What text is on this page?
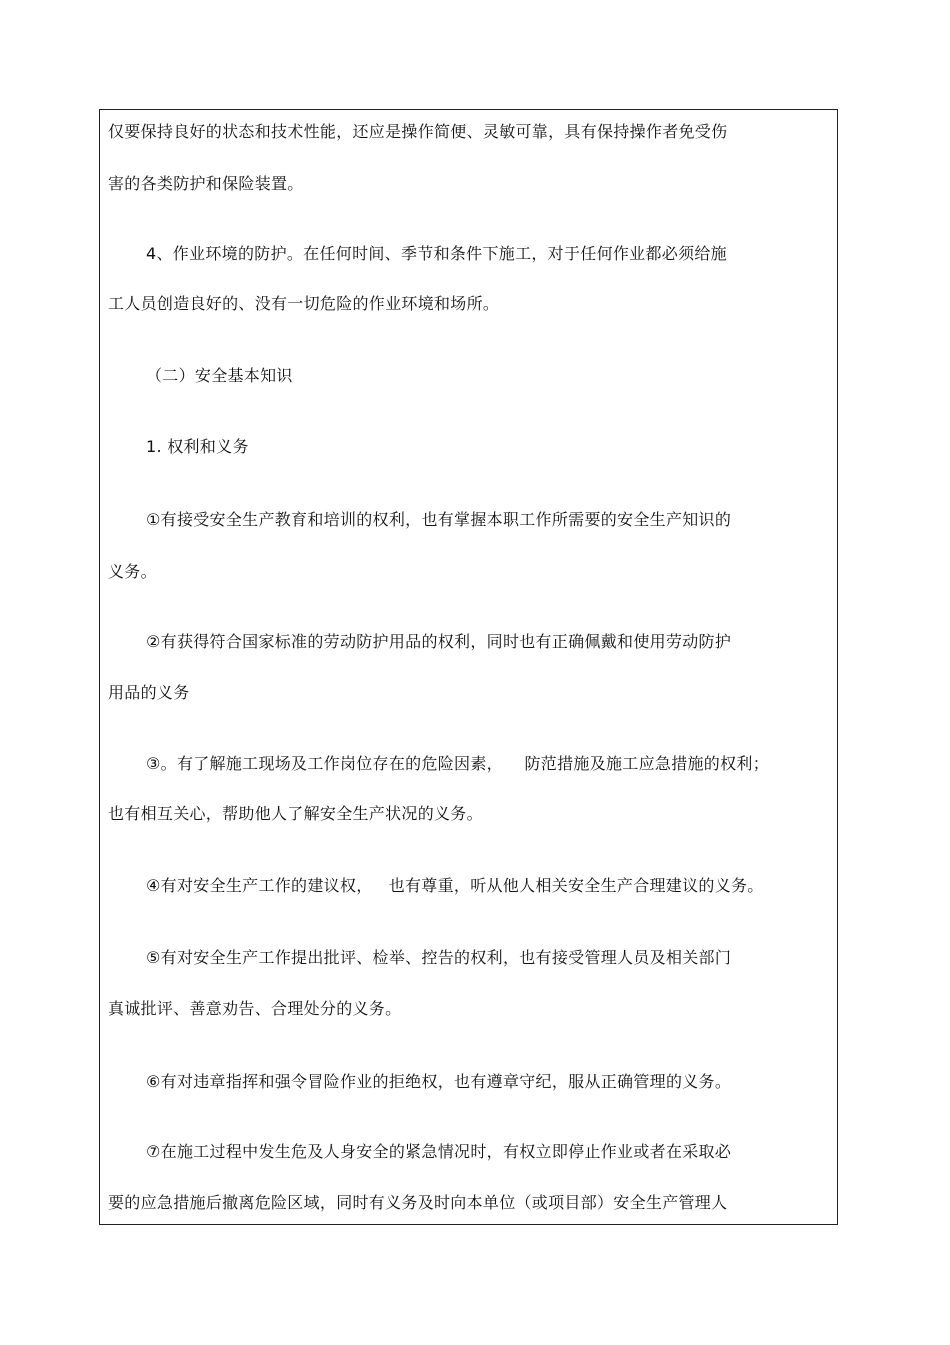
仅要保持良好的状态和技术性能，还应是操作简便、灵敏可靠，具有保持操作者免受伤
害的各类防护和保险装置。
4、作业环境的防护。在任何时间、季节和条件下施工，对于任何作业都必须给施
工人员创造良好的、没有一切危险的作业环境和场所。
（二）安全基本知识
1. 权利和义务
①有接受安全生产教育和培训的权利，也有掌握本职工作所需要的安全生产知识的
义务。
②有获得符合国家标准的劳动防护用品的权利，同时也有正确佩戴和使用劳动防护
用品的义务
③。有了解施工现场及工作岗位存在的危险因素，    防范措施及施工应急措施的权利；
也有相互关心，帮助他人了解安全生产状况的义务。
④有对安全生产工作的建议权，   也有尊重，听从他人相关安全生产合理建议的义务。
⑤有对安全生产工作提出批评、检举、控告的权利，也有接受管理人员及相关部门
真诚批评、善意劝告、合理处分的义务。
⑥有对违章指挥和强令冒险作业的拒绝权，也有遵章守纪，服从正确管理的义务。
⑦在施工过程中发生危及人身安全的紧急情况时，有权立即停止作业或者在采取必
要的应急措施后撤离危险区域，同时有义务及时向本单位（或项目部）安全生产管理人
